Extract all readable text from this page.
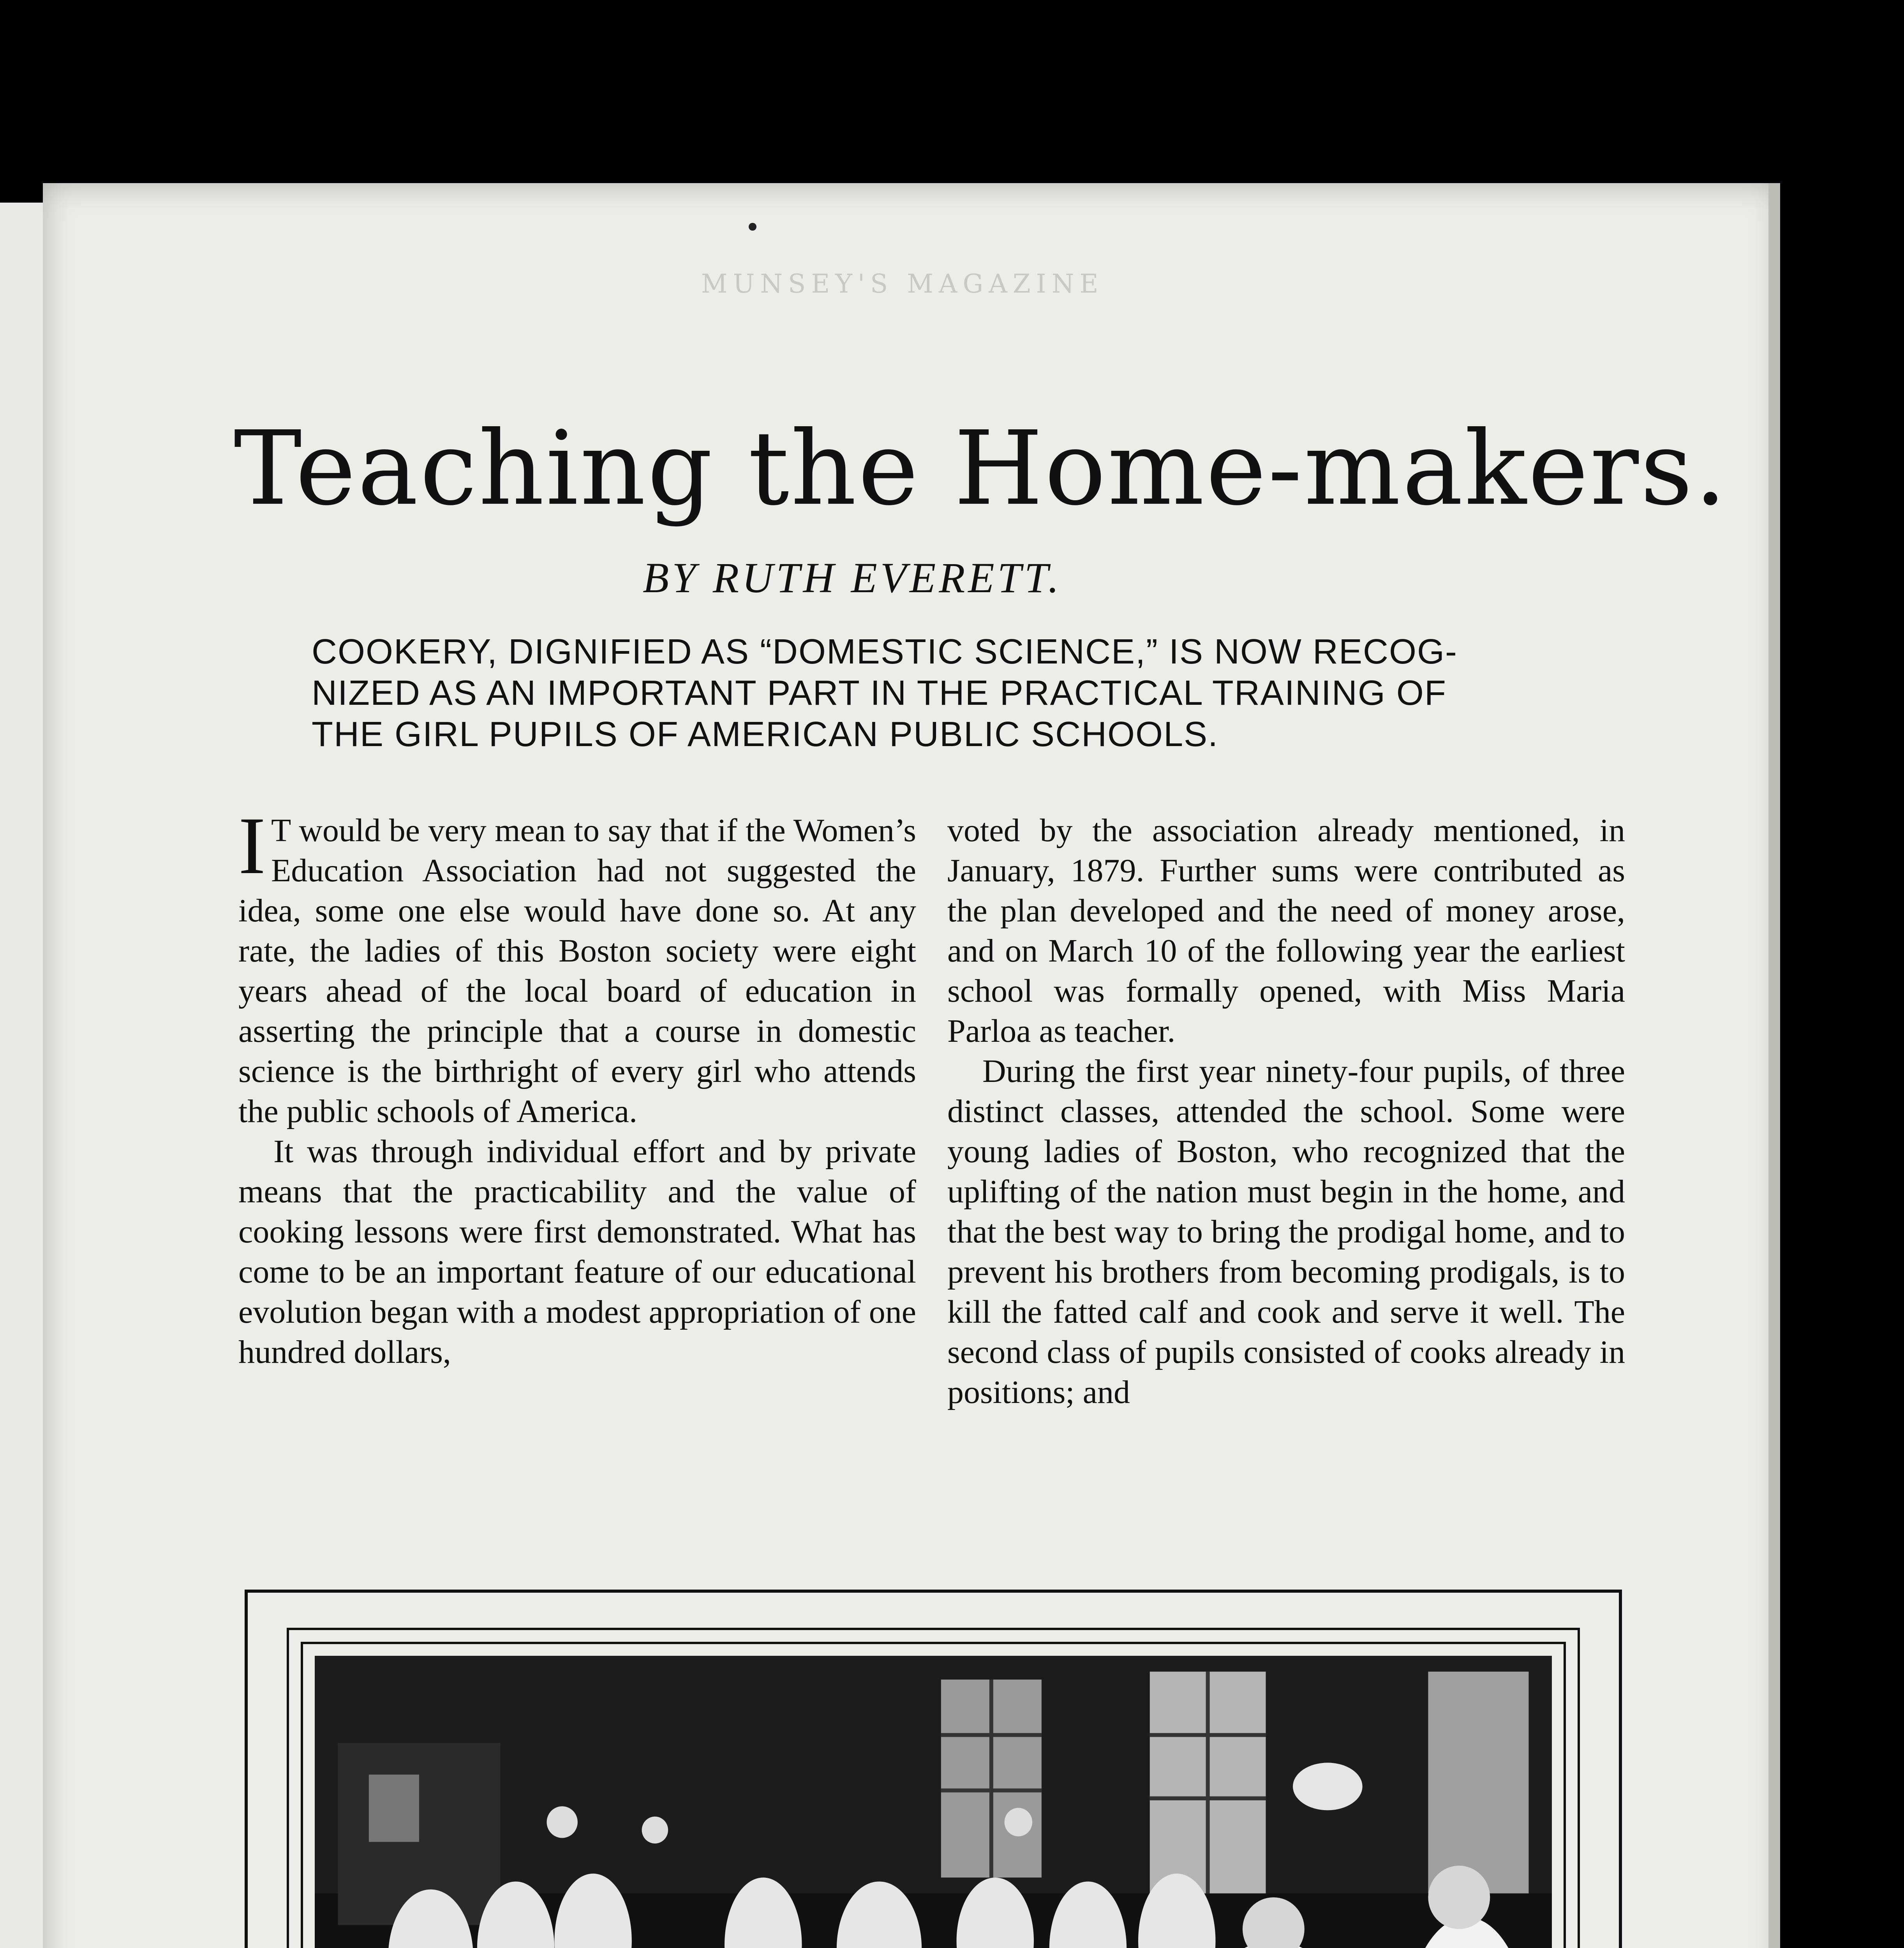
MUNSEY'S MAGAZINE
Teaching the Home-makers.
BY RUTH EVERETT.
COOKERY, DIGNIFIED AS “DOMESTIC SCIENCE,” IS NOW RECOG-
NIZED AS AN IMPORTANT PART IN THE PRACTICAL TRAINING OF
THE GIRL PUPILS OF AMERICAN PUBLIC SCHOOLS.

I T would be very mean to say that if the Women’s Education Association had not suggested the idea, some one else would have done so. At any rate, the ladies of this Boston society were eight years ahead of the local board of education in asserting the principle that a course in domestic science is the birthright of every girl who attends the public schools of America.

It was through individual effort and by private means that the practicability and the value of cooking lessons were first demonstrated. What has come to be an important feature of our educational evolution began with a modest appropriation of one hundred dollars,

voted by the association already mentioned, in January, 1879. Further sums were contributed as the plan developed and the need of money arose, and on March 10 of the following year the earliest school was formally opened, with Miss Maria Parloa as teacher.

During the first year ninety-four pupils, of three distinct classes, attended the school. Some were young ladies of Boston, who recognized that the uplifting of the nation must begin in the home, and that the best way to bring the prodigal home, and to prevent his brothers from becoming prodigals, is to kill the fatted calf and cook and serve it well. The second class of pupils consisted of cooks already in positions; and
